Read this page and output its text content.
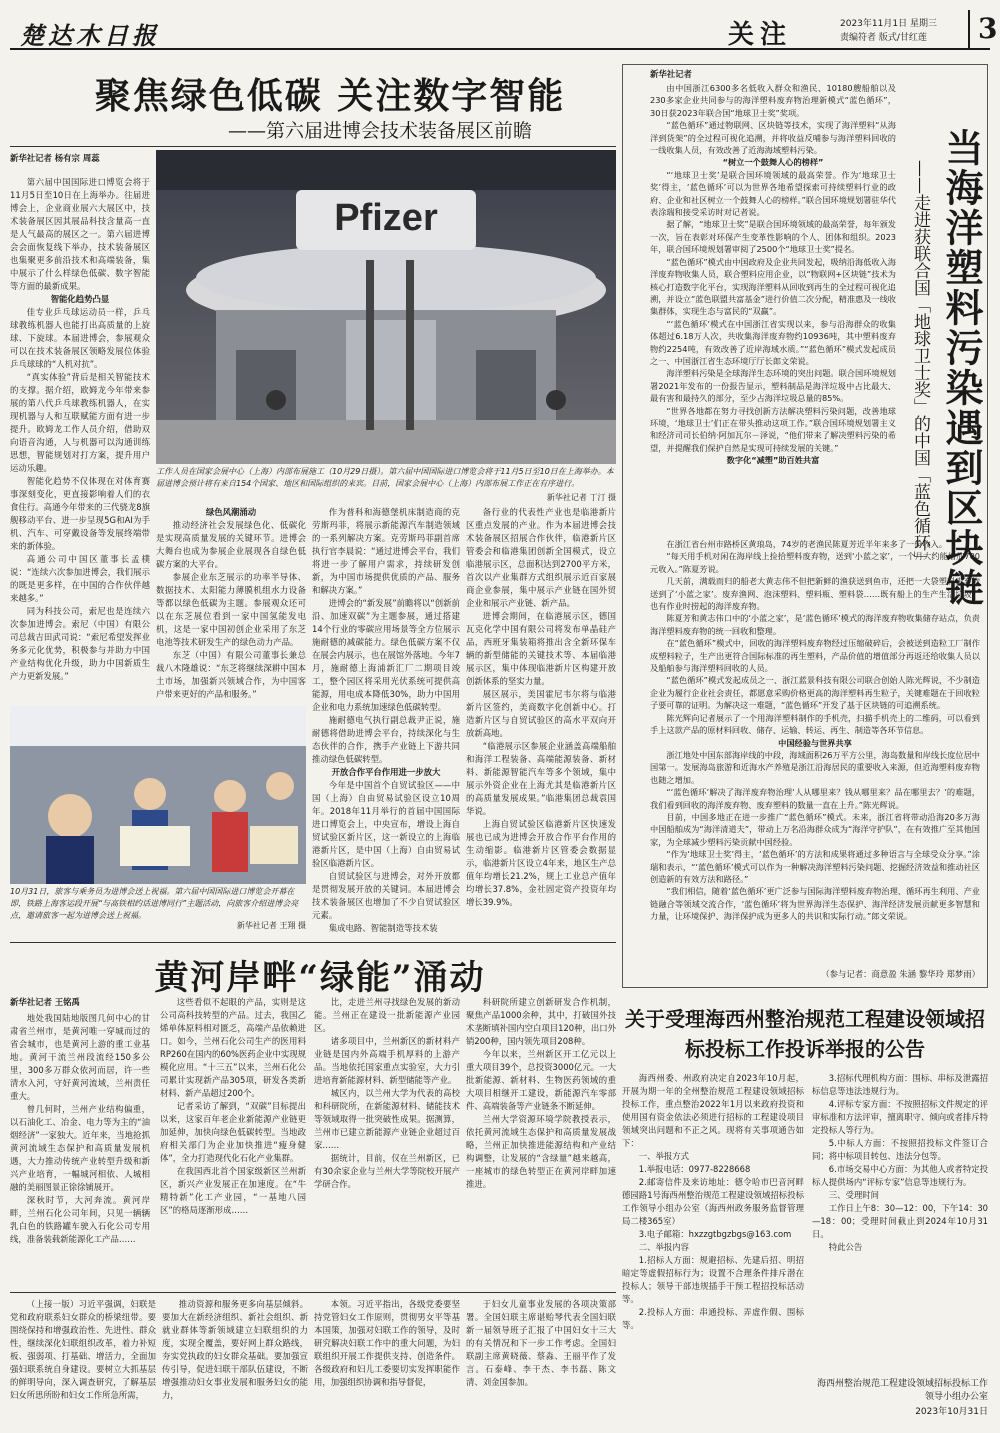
楚达木日报	关注	2023年11月1日 星期三
责编符者 版式/甘红莲	3
聚焦绿色低碳 关注数字智能
——第六届进博会技术装备展区前瞻
新华社记者 杨有宗 周蕊

第六届中国国际进口博览会将于11月5日至10日在上海举办。往届进博会上，企业商业展六大展区中，技术装备展区因其展品科技含量高一直是人气最高的展区之一。第六届进博会会面恢复线下举办，技术装备展区也集聚更多前沿技术和高端装备，集中展示了什么样绿色低碳、数字智能等方面的最新成果。

智能化趋势凸显

佳专业乒乓球运动员一样，乒乓球教练机器人也能打出高质量的上旋球、下旋球。本届进博会，参展观众可以在技术装备展区领略发展位体验乒乓球球的“人机对抗”。

“真实体验”背后是相关智能技术的支撑。据介绍，欧姆龙今年带来参展的第八代乒乓球教练机器人，在实现机器与人和互联赋能方面有进一步提升。欧姆龙工作人员介绍，借助双向语音沟通，人与机器可以沟通训练思想，智能规划对打方案，提升用户运动乐趣。

智能化趋势不仅体现在对体育赛事深刻变化，更直接影响着人们的衣食住行。高通今年带来的三代骁龙8旗舰移动平台、进一步呈现5G和AI为手机、汽车、可穿戴设备等发展终端带来的新体验。

高通公司中国区董事长孟樸说：“连续六次参加进博会，我们展示的既是更多样，在中国的合作伙伴越来越多。”

同为科技公司，索尼也是连续六次参加进博会。索尼（中国）有限公司总裁吉田武司说：“索尼希望发挥业务多元化优势，积极参与并助力中国产业结构优化升级，助力中国新质生产力更新发展。”

Pfizer
工作人员在国家会展中心（上海）内部布展施工（10月29日摄）。第六届中国国际进口博览会将于11月5日至10日在上海举办。本届进博会预计将有来自154个国家、地区和国际组织的来宾。目前，国家会展中心（上海）内部布展工作正在有序进行。
新华社记者 丁汀 摄

绿色风潮涌动

推动经济社会发展绿色化、低碳化是实现高质量发展的关键环节。进博会大舞台也成为参展企业展现各自绿色低碳方案的大平台。

参展企业东芝展示的功率半导体、数据技术、太阳能力薄膜机组水力设备等都以绿色低碳为主题。参展观众还可以在东芝展位看到一家中国氢能发电机，这是一家中国初创企业采用了东芝电池等技术研发生产的绿色动力产品。

东芝（中国）有限公司董事长兼总裁八木隆雄说：“东芝将继续深耕中国本土市场，加强新兴领域合作，为中国客户带来更好的产品和服务。”

作为普科和海德堡机床制造商的克劳斯玛菲，将展示新能源汽车制造领域的一系列解决方案。克劳斯玛菲副首席执行官李晨说：“通过进博会平台，我们将进一步了解用户需求，持续研发创新，为中国市场提供优质的产品、服务和解决方案。”

进博会的“新发展”前瞻将以“创新前沿、加速双碳”为主题参展，通过搭建14个行业的零碳应用场景等全方位展示施耐德的减碳能力。绿色低碳方案不仅在展会内展示，也在展馆外落地。今年7月，施耐德上海浦新汇厂二期项目竣工，整个园区将采用光伏系统可提供高能源，用电成本降低30%，助力中国用企业和电力系统加速绿色低碳转型。

施耐德电气执行副总裁尹正说，施耐德将借助进博会平台，持续深化与生态伙伴的合作，携手产业链上下游共同推动绿色低碳转型。

开放合作平台作用进一步放大

今年是中国首个自贸试验区——中国（上海）自由贸易试验区设立10周年。2018年11月举行的首届中国国际进口博览会上，中央宣布，增设上海自贸试验区新片区，这一新设立的上海临港新片区，是中国（上海）自由贸易试验区临港新片区。

自贸试验区与进博会，对外开放都是贯彻发展开放的关键词。本届进博会技术装备展区也增加了不少自贸试验区元素。

集成电路、智能制造等技术装

备行业的代表性产业也是临港新片区重点发展的产业。作为本届进博会技术装备展区招展合作伙伴，临港新片区管委会和临港集团创新全国模式，设立临港展示区，总面积达到2700平方米，首次以产业集群方式组织展示近百家展商企业参展，集中展示产业链在国外贸企业和展示产业链、新产品。

进博会期间，在临港展示区，德国瓦克化学中国有限公司将发布单晶硅产品，西班牙集装箱将推出含全新环保车辆的新型储能的关键技术等、本届临港展示区，集中体现临港新片区构建开放创新体系的坚实力量。

展区展示，美国霍尼韦尔将与临港新片区签约，美商数字化创新中心。打造新片区与自贸试验区的高水平双向开放新高地。

“临港展示区参展企业涵盖高端船舶和海洋工程装备、高端能源装备、新材料、新能源智能汽车等多个领域，集中展示外资企业在上海尤其是临港新片区的高质量发展成果。”临港集团总裁袁国华说。

上海自贸试验区临港新片区快速发展也已成为进博会开放合作平台作用的生动缩影。临港新片区管委会数据显示，临港新片区设立4年来，地区生产总值年均增长21.2%，规上工业总产值年均增长37.8%，金社固定资产投资年均增长39.9%。

10月31日，旅客与乘务员为进博会送上祝福。第六届中国国际进口博览会开幕在即，铁路上海客运段开展“与高铁相约话进博同行”主题活动，向旅客介绍进博会亮点，邀请旅客一起为进博会送上祝福。
新华社记者 王翔 摄
当海洋塑料污染遇到区块链
——走进获联合国「地球卫士奖」的中国「蓝色循环」
新华社记者

由中国浙江6300多名低收入群众和渔民、10180艘船舶以及230多家企业共同参与的海洋塑料废弃物治理新模式“蓝色循环”，30日获2023年联合国“地球卫士奖”奖项。

“蓝色循环”通过物联网、区块链等技术，实现了海洋塑料“从海洋到货架”的全过程可视化追溯，并将收益反哺参与海洋塑料回收的一线收集人员，有效改善了近海海域塑料污染。

“树立一个鼓舞人心的榜样”

“‘地球卫士奖’是联合国环境领域的最高荣誉。作为‘地球卫士奖’得主，‘蓝色循环’可以为世界各地希望探索可持续塑料行业的政府、企业和社区树立一个鼓舞人心的榜样。”联合国环境规划署驻华代表涂瑞和接受采访时对记者说。

据了解，“地球卫士奖”是联合国环境领域的最高荣誉，每年颁发一次，旨在表彰对环保产生变革性影响的个人、团体和组织。2023年，联合国环境规划署审阅了2500个“地球卫士奖”提名。

“蓝色循环”模式由中国政府及企业共同发起，吸纳沿海低收入海洋废弃物收集人员，联合塑料应用企业，以“物联网+区块链”技术为核心打造数字化平台，实现海洋塑料从回收到再生的全过程可视化追溯，并设立“蓝色联盟共富基金”进行价值二次分配，精准惠及一线收集群体，实现生态与富民的“双赢”。

“‘蓝色循环’模式在中国浙江省实现以来，参与沿海群众的收集体超过6.18万人次，共收集海洋废弃物约10936吨，其中塑料废弃物约2254吨，有效改善了近岸海域水质。”“蓝色循环”模式发起成员之一、中国浙江省生态环境厅厅长郎文荣说。

海洋塑料污染是全球海洋生态环境的突出问题。联合国环境规划署2021年发布的一份报告显示，塑料制品是海洋垃圾中占比最大、最有害和最持久的部分，至少占海洋垃圾总量的85%。

“世界各地都在努力寻找创新方法解决塑料污染问题，改善地球环境，‘地球卫士’们正在带头推动这项工作。”联合国环境规划署主义和经济司司长伯纳·阿加瓦尔－泽说，“他们带来了解决塑料污染的希望，并提醒我们保护自然是实现可持续发展的关键。”

数字化“减塑”助百姓共富

在浙江省台州市路桥区黄琅岛，74岁的老渔民陈夏芳近半年来多了一份收入。

“每天用手机对闲在海岸线上捡拾塑料废弃物，送到‘小蓝之家’，一个月大约能增加700元收入。”陈夏芳说。

几天前，满载而归的船老大黄志伟不但把新鲜的渔获送到鱼市，还把一大袋塑料废弃物送到了‘小蓝之家’。废弃渔网、泡沫塑料、塑料瓶、塑料袋……既有船上的生产生活垃圾，也有作业时捞起的海洋废弃物。

陈夏芳和黄志伟口中的‘小蓝之家’，是‘蓝色循环’模式的海洋废弃物收集储存站点，负责海洋塑料废弃物的统一回收和整理。

在“蓝色循环”模式中，回收的海洋塑料废弃物经过压缩破碎后，会被送到造粒工厂制作成塑料粒子，生产出更符合国际标准的再生塑料，产品价值的增值部分再返还给收集人员以及船舶参与海洋塑料回收的人员。

“蓝色循环”模式发起成员之一、浙江蓝景科技有限公司联合创始人陈光辉说，不少制造企业为履行企业社会责任，都愿意采购价格更高的海洋塑料再生粒子，关键难题在于回收粒子要可靠的证明。为解决这一难题，“蓝色循环”开发了基于区块链的可追溯系统。

陈光辉向记者展示了一个用海洋塑料制作的手机壳，扫描手机壳上的二维码，可以看到手上这款产品的原材料回收、储存、运输、转运、再生、制造等各环节信息。

中国经验与世界共享

浙江地处中国东部海岸线的中段，海域面积26万平方公里，海岛数量和岸线长度位居中国第一。发展海岛旅游和近海水产养殖是浙江沿海居民的重要收入来源，但近海塑料废弃物也随之增加。

“‘蓝色循环’解决了海洋废弃物治理‘人从哪里来？钱从哪里来？品在哪里去？’的难题，我们看到回收的海洋废弃物、废弃塑料的数量一直在上升。”陈光辉说。

目前，中国多地正在进一步推广“蓝色循环”模式。未来，浙江省将带动沿海20多万海中国船舶成为“海洋清道夫”，带动上万名沿海群众成为“海洋守护队”，在有效推广至其他国家，为全球减少塑料污染贡献中国经验。

“作为‘地球卫士奖’得主，‘蓝色循环’的方法和成果将通过多种语言与全球受众分享。”涂瑞和表示，“‘蓝色循环’模式可以作为一种解决海洋塑料污染问题、挖掘经济效益和推动社区创造新的有效方法和路径。”

“我们相信，随着‘蓝色循环’更广泛参与国际海洋塑料废弃物治理、循环再生利用、产业链融合等领域交流合作，‘蓝色循环’将为世界海洋生态保护、海洋经济发展贡献更多智慧和力量，让环境保护、海洋保护成为更多人的共识和实际行动。”郎文荣说。

（参与记者：商意盈 朱涵 黎华玲 郑梦雨）
黄河岸畔“绿能”涌动
新华社记者 王铭禹

地处我国陆地版图几何中心的甘肃省兰州市，是黄河唯一穿城而过的省会城市，也是黄河上游的重工业基地。黄河干流兰州段流经150多公里，300多万群众依河而居，许一些清水入河，守好黄河流域，兰州责任重大。

曾几何时，兰州产业结构偏重，以石油化工、冶金、电力等为主的“油烟经济”一家独大。近年来，当地抢抓黄河流域生态保护和高质量发展机遇，大力推动传统产业转型升级和新兴产业培育，一幅城河相依、人城相融的美丽图景正徐徐铺展开。

深秋时节，大河奔流。黄河岸畔，兰州石化公司年间，只见一辆辆乳白色的铁路罐车驶入石化公司专用线，准备装载新能源化工产品……

这些看似不起眼的产品，实则是这公司高科技转型的产品。过去，我国乙烯单体原料相对匮乏，高端产品依赖进口。如今，兰州石化公司生产的医用料RP260在国内的60%医药企业中实现规模化应用。“十三五”以来，兰州石化公司累计实现新产品305项，研发各类新材料、新产品超过200个。

记者采访了解到，“双碳”目标提出以来，这家百年老企业新能源产业链更加延伸，加快向绿色低碳转型。当地政府相关部门为企业加快推进“瘦身健体”，全力打造现代化石化产业集群。

在我国西北首个国家级新区兰州新区，新兴产业发展正在加速度。在“牛精特新”化工产业园，“一基地八园区”的格局逐渐形成……

比，走进兰州寻找绿色发展的新动能。兰州正在建设一批新能源产业园区。

诸多项目中，兰州新区的新材料产业链是国内外高端手机厚料的上游产品。当地依托国家重点实验室，大力引进培育新能源材料、新型储能等产业。

城区内，以兰州大学为代表的高校和科研院所，在新能源材料、储能技术等领域取得一批突破性成果。据测算，兰州市已建立新能源产业链企业超过百家……

据统计，目前，仅在兰州新区，已有30余家企业与兰州大学等院校开展产学研合作。

科研院所建立创新研发合作机制，聚焦产品1000余种，其中，打破国外技术垄断填补国内空白项目120种，出口外销200种，国内领先项目208种。

今年以来，兰州新区开工亿元以上重大项目39个，总投资3000亿元。一大批新能源、新材料、生物医药领域的重大项目相继开工建设，新能源汽车零部件、高端装备等产业链条不断延伸。

兰州大学资源环境学院教授表示，依托黄河流域生态保护和高质量发展战略，兰州正加快推进能源结构和产业结构调整，让发展的“含绿量”越来越高，一座城市的绿色转型正在黄河岸畔加速推进。

关于受理海西州整治规范工程建设领域招标投标工作投诉举报的公告

海西州委、州政府决定自2023年10月起，开展为期一年的全州整治规范工程建设领域招标投标工作，重点整治2022年1月以来政府投资和使用国有资金依法必须进行招标的工程建设项目领域突出问题和不正之风。现将有关事项通告如下：

一、举报方式

1.举报电话：0977-8228668

2.邮寄信件及来访地址：德令哈市巴音河畔德园路1号海西州整治规范工程建设领域招标投标工作领导小组办公室（海西州政务服务监督管理局二楼365室）

3.电子邮箱：hxzzgtbgzbgs@163.com

二、举报内容

1.招标人方面：规避招标、先建后招、明招暗定等虚假招标行为；设置不合理条件排斥潜在投标人；领导干部违规插手干预工程招投标活动等。

2.投标人方面：串通投标、弄虚作假、围标等。

3.招标代理机构方面：围标、串标及泄露招标信息等违法违规行为。

4.评标专家方面：不按照招标文件规定的评审标准和方法评审，擅离职守、倾向或者排斥特定投标人等行为。

5.中标人方面：不按照招投标文件签订合同；将中标项目转包、违法分包等。

6.市场交易中心方面：为其他人或者特定投标人提供场内“评标专家”信息等违规行为。

三、受理时间

工作日上午8：30—12：00，下午14：30—18：00；受理时间截止到2024年10月31日。

特此公告

海西州整治规范工程建设领域招标投标工作领导小组办公室
2023年10月31日

（上接一版）习近平强调，妇联是党和政府联系妇女群众的桥梁纽带。要围绕保持和增强政治性、先进性、群众性，继续深化妇联组织改革，着力补短板、强弱项、打基础、增活力，全面加强妇联系统自身建设。要树立大抓基层的鲜明导向，深入调查研究，了解基层妇女所思所盼和妇女工作所急所需，

推动资源和服务更多向基层倾斜。要加大在新经济组织、新社会组织、新就业群体等新领域建立妇联组织的力度，实现全覆盖，要好网上群众路线，夯实党执政的妇女群众基础。要加强宣传引导，促进妇联干部队伍建设，不断增强推动妇女事业发展和服务妇女的能力，

本领。习近平指出，各级党委要坚持党管妇女工作原则，贯彻男女平等基本国策，加强对妇联工作的领导，及时研究解决妇联工作中的重大问题，为妇联组织开展工作提供支持、创造条件。各级政府和妇儿工委要切实发挥职能作用，加强组织协调和指导督促，

于妇女儿童事业发展的各项决策部署。全国妇联主席谌贻琴代表全国妇联新一届领导班子汇报了中国妇女十三大的有关情况和下一步工作考虑。全国妇联副主席黄晓薇、蔡淼、王丽平作了发言。石泰峰、李干杰、李书磊、陈文清、刘金国参加。
